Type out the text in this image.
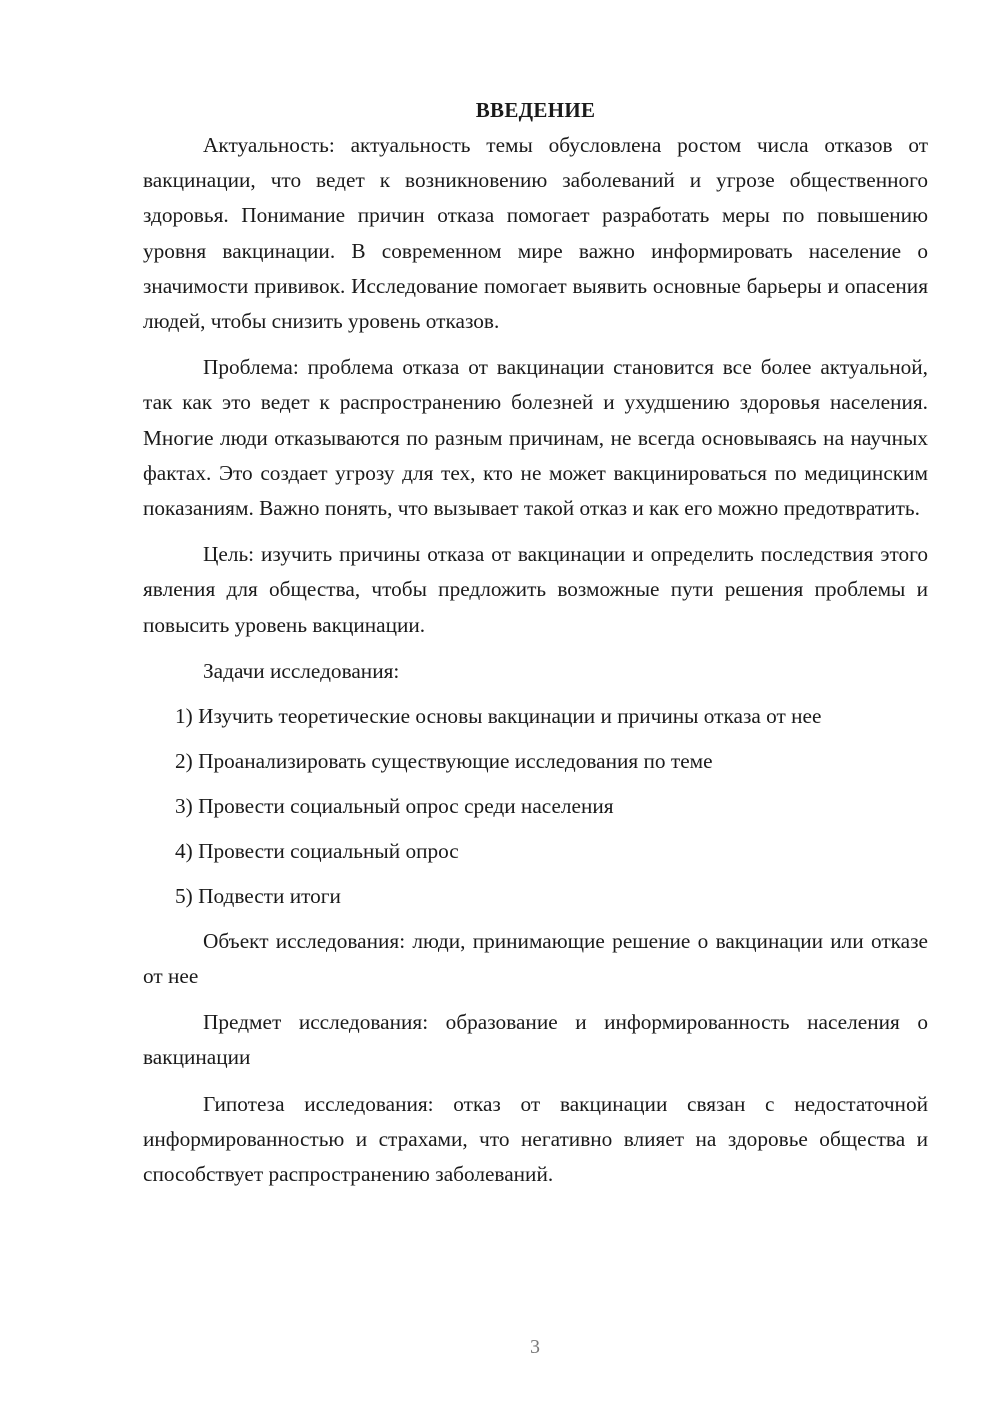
ВВЕДЕНИЕ

Актуальность: актуальность темы обусловлена ростом числа отказов от вакцинации, что ведет к возникновению заболеваний и угрозе общественного здоровья. Понимание причин отказа помогает разработать меры по повышению уровня вакцинации. В современном мире важно информировать население о значимости прививок. Исследование помогает выявить основные барьеры и опасения людей, чтобы снизить уровень отказов.

Проблема: проблема отказа от вакцинации становится все более актуальной, так как это ведет к распространению болезней и ухудшению здоровья населения. Многие люди отказываются по разным причинам, не всегда основываясь на научных фактах. Это создает угрозу для тех, кто не может вакцинироваться по медицинским показаниям. Важно понять, что вызывает такой отказ и как его можно предотвратить.

Цель: изучить причины отказа от вакцинации и определить последствия этого явления для общества, чтобы предложить возможные пути решения проблемы и повысить уровень вакцинации.

Задачи исследования:
1) Изучить теоретические основы вакцинации и причины отказа от нее
2) Проанализировать существующие исследования по теме
3) Провести социальный опрос среди населения
4) Провести социальный опрос
5) Подвести итоги

Объект исследования: люди, принимающие решение о вакцинации или отказе от нее

Предмет исследования: образование и информированность населения о вакцинации

Гипотеза исследования: отказ от вакцинации связан с недостаточной информированностью и страхами, что негативно влияет на здоровье общества и способствует распространению заболеваний.

3
